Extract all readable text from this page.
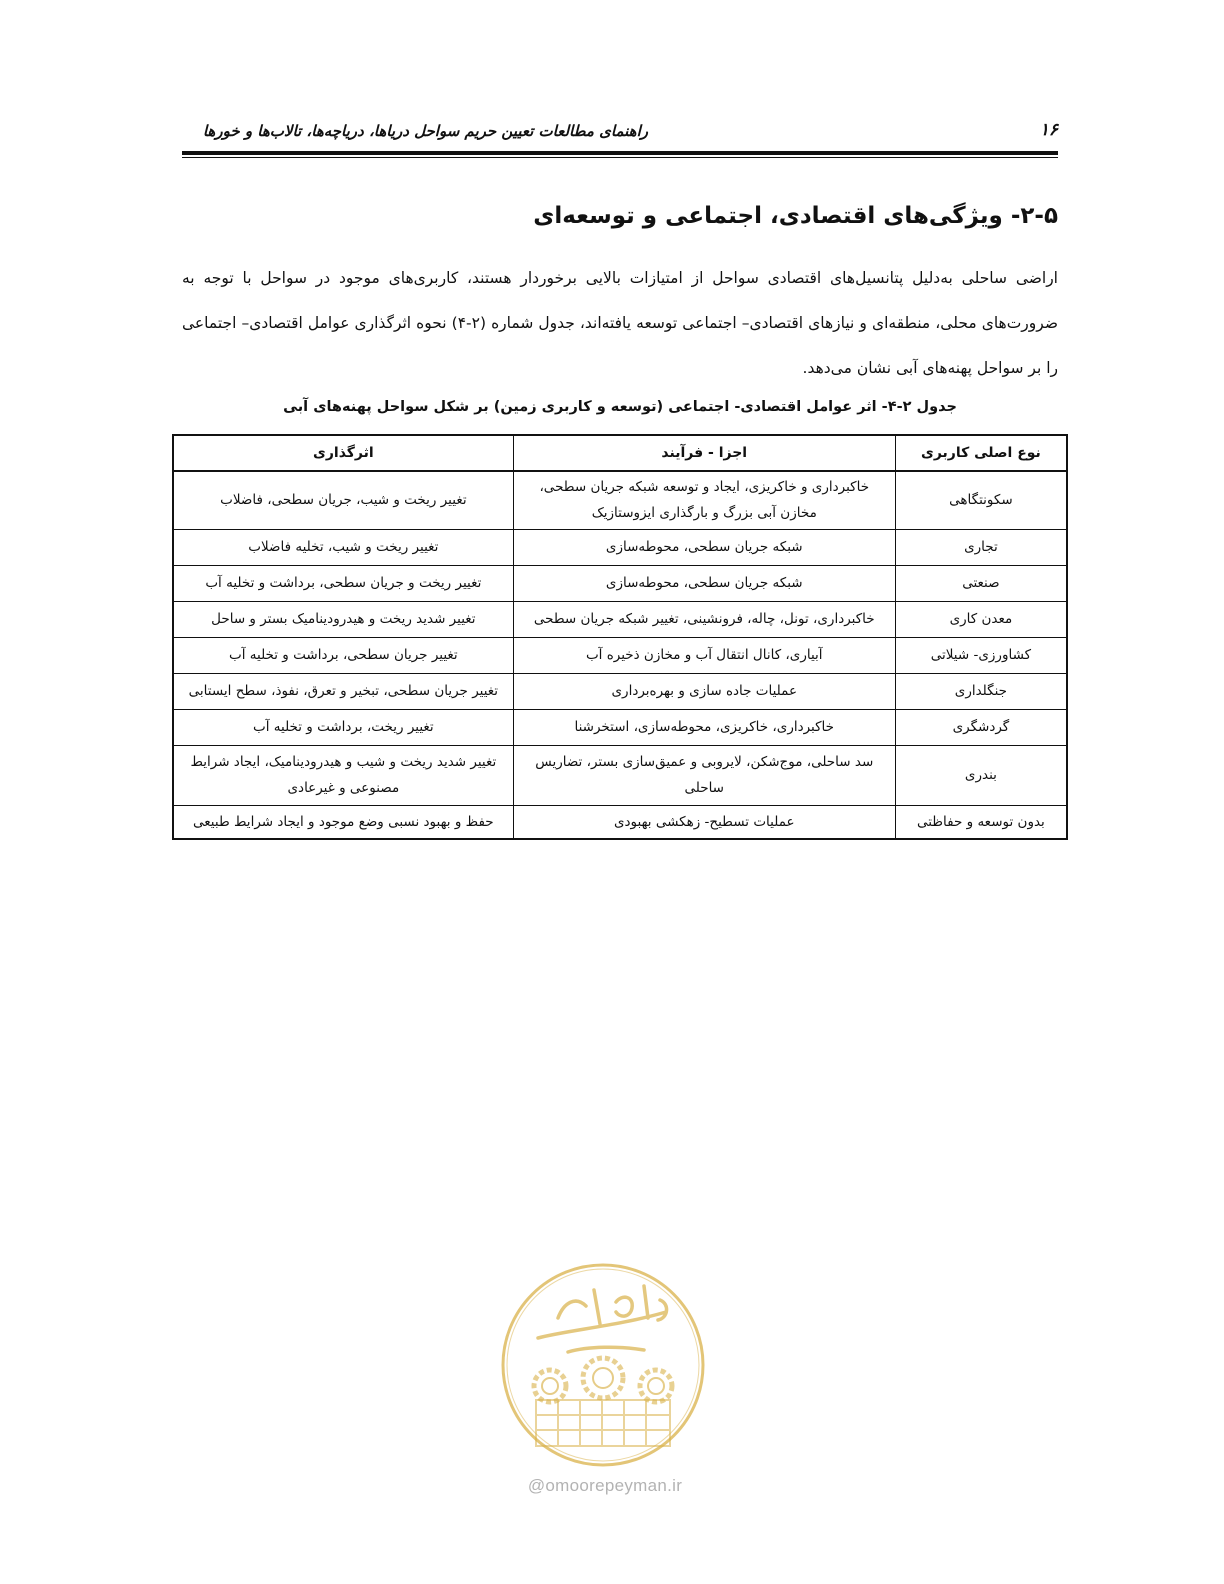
راهنمای مطالعات تعیین حریم سواحل دریاها، دریاچه‌ها، تالاب‌ها و خورها	۱۶
۲-۵- ویژگی‌های اقتصادی، اجتماعی و توسعه‌ای
اراضی ساحلی به‌دلیل پتانسیل‌های اقتصادی سواحل از امتیازات بالایی برخوردار هستند، کاربری‌های موجود در سواحل با توجه به ضرورت‌های محلی، منطقه‌ای و نیازهای اقتصادی– اجتماعی توسعه یافته‌اند، جدول شماره (۲-۴) نحوه اثرگذاری عوامل اقتصادی– اجتماعی را بر سواحل پهنه‌های آبی نشان می‌دهد.
جدول ۲-۴- اثر عوامل اقتصادی- اجتماعی (توسعه و کاربری زمین) بر شکل سواحل پهنه‌های آبی
نوع اصلی کاربری	اجزا - فرآیند	اثرگذاری
سکونتگاهی	خاکبرداری و خاکریزی، ایجاد و توسعه شبکه جریان سطحی، مخازن آبی بزرگ و بارگذاری ایزوستازیک	تغییر ریخت و شیب، جریان سطحی، فاضلاب
تجاری	شبکه جریان سطحی، محوطه‌سازی	تغییر ریخت و شیب، تخلیه فاضلاب
صنعتی	شبکه جریان سطحی، محوطه‌سازی	تغییر ریخت و جریان سطحی، برداشت و تخلیه آب
معدن کاری	خاکبرداری، تونل، چاله، فرونشینی، تغییر شبکه جریان سطحی	تغییر شدید ریخت و هیدرودینامیک بستر و ساحل
کشاورزی- شیلاتی	آبیاری، کانال انتقال آب و مخازن ذخیره آب	تغییر جریان سطحی، برداشت و تخلیه آب
جنگلداری	عملیات جاده سازی و بهره‌برداری	تغییر جریان سطحی، تبخیر و تعرق، نفوذ، سطح ایستابی
گردشگری	خاکبرداری، خاکریزی، محوطه‌سازی، استخرشنا	تغییر ریخت، برداشت و تخلیه آب
بندری	سد ساحلی، موج‌شکن، لایروبی و عمیق‌سازی بستر، تضاریس ساحلی	تغییر شدید ریخت و شیب و هیدرودینامیک، ایجاد شرایط مصنوعی و غیرعادی
بدون توسعه و حفاظتی	عملیات تسطیح- زهکشی بهبودی	حفظ و بهبود نسبی وضع موجود و ایجاد شرایط طبیعی
@omoorepeyman.ir
